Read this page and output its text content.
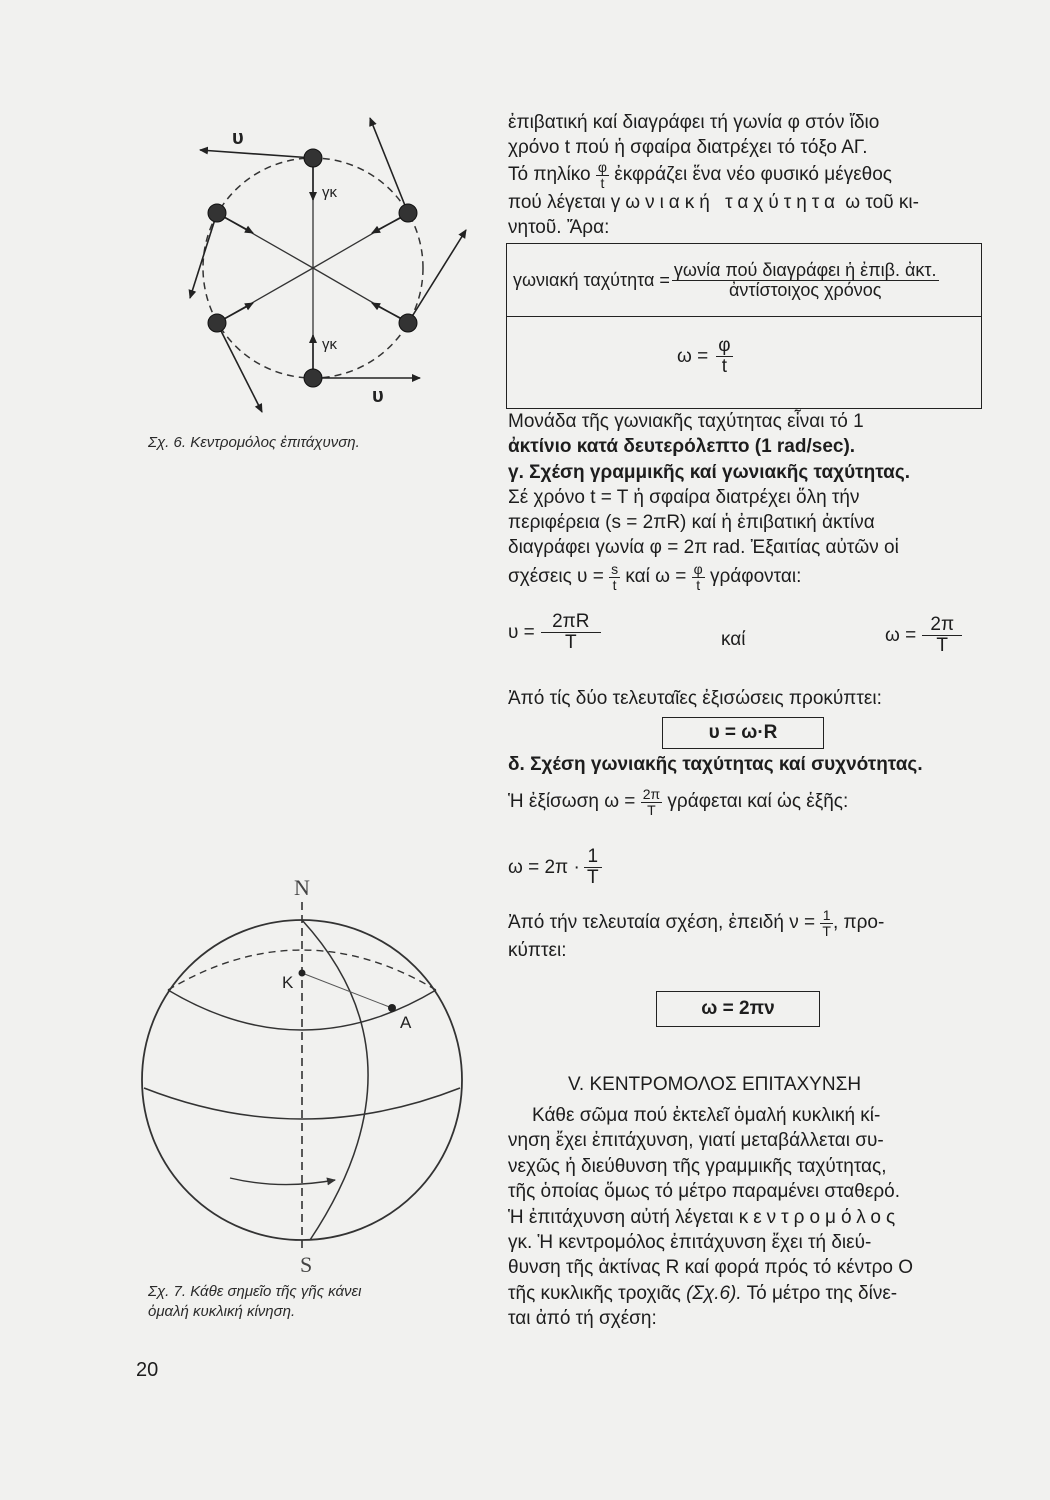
υ
γκ
γκ
υ
Σχ. 6. Κεντρομόλος ἐπιτάχυνση.
N
S
K
A
Σχ. 7. Κάθε σημεῖο τῆς γῆς κάνει
ὁμαλή κυκλική κίνηση.
20
ἐπιβατική καί διαγράφει τή γωνία φ στόν ἴδιο
χρόνο t πού ἡ σφαίρα διατρέχει τό τόξο ΑΓ.
Τό πηλίκο $\frac{\varphi}{t}$ ἐκφράζει ἕνα νέο φυσικό μέγεθος
πού λέγεται γωνιακή ταχύτητα ω τοῦ κι-
νητοῦ. Ἄρα:
γωνιακή $\tau\alpha\chi ύ\tau\eta\tau\alpha = \frac{\text{γωνία πού διαγράφει ἡ ἐπιβ. ἀκτ.}}{\text{ἀντίστοιχος χρόνος}}$
$\omega = \frac{\varphi}{t}$
Μονάδα τῆς γωνιακῆς ταχύτητας εἶναι τό 1
ἀκτίνιο κατά δευτερόλεπτο (1 rad/sec).
γ. Σχέση γραμμικῆς καί γωνιακῆς ταχύτητας.
Σέ χρόνο t = T ἡ σφαίρα διατρέχει ὅλη τήν
περιφέρεια (s = 2πR) καί ἡ ἐπιβατική ἀκτίνα
διαγράφει γωνία φ = 2π rad. Ἐξαιτίας αὐτῶν οἱ
σχέσεις $\upsilon = \frac{s}{t}$ καί $\omega = \frac{\varphi}{t} \gamma\rho ά\varphi o\nu\tau\alpha\iota$:
$\upsilon = \frac{2\pi R}{T}$	καί	$\omega = \frac{2\pi}{T}$
Ἀπό τίς δύο τελευταῖες ἐξισώσεις προκύπτει:
υ = ω·R
δ. Σχέση γωνιακῆς ταχύτητας καί συχνότητας.
Ἡ ἐξίσωση $\omega = \frac{2\pi}{T}$ γράφεται καί ὡς ἑξῆς:
$\omega = 2\pi \cdot \frac{1}{T}$
Ἀπό τήν τελευταία σχέση, ἐπειδή $\nu = \frac{1}{T}$ , προ-
κύπτει:
ω = 2πν
V. ΚΕΝΤΡΟΜΟΛΟΣ ΕΠΙΤΑΧΥΝΣΗ
Κάθε σῶμα πού ἐκτελεῖ ὁμαλή κυκλική κί-
νηση ἔχει ἐπιτάχυνση, γιατί μεταβάλλεται συ-
νεχῶς ἡ διεύθυνση τῆς γραμμικῆς ταχύτητας,
τῆς ὁποίας ὅμως τό μέτρο παραμένει σταθερό.
Ἡ ἐπιτάχυνση αὐτή λέγεται κεντρομόλος
γκ. Ἡ κεντρομόλος ἐπιτάχυνση ἔχει τή διεύ-
θυνση τῆς ἀκτίνας R καί φορά πρός τό κέντρο Ο
τῆς κυκλικῆς τροχιᾶς (Σχ.6). Τό μέτρο της δίνε-
ται ἀπό τή σχέση:
